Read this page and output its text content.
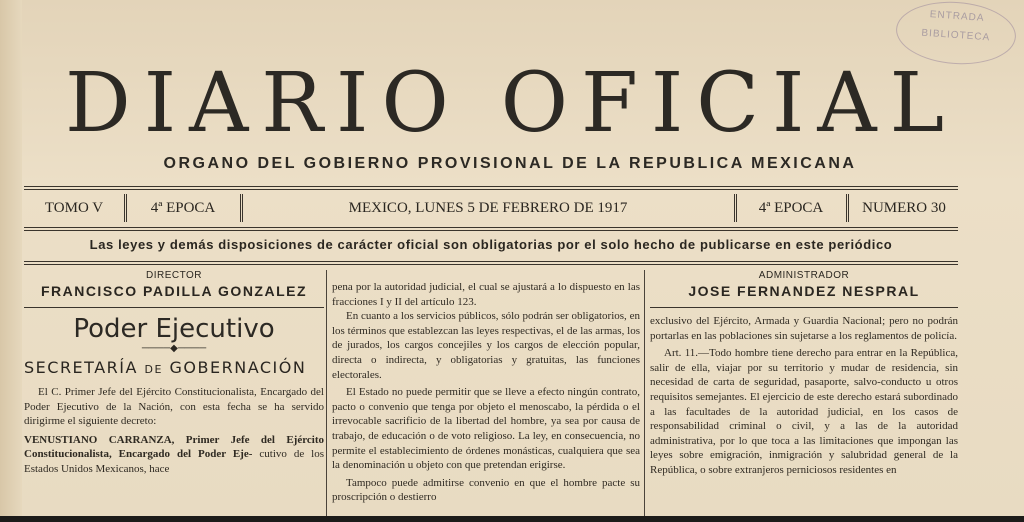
ENTRADA
BIBLIOTECA
DIARIO OFICIAL
ORGANO DEL GOBIERNO PROVISIONAL DE LA REPUBLICA MEXICANA
TOMO V	4ª EPOCA	MEXICO, LUNES 5 DE FEBRERO DE 1917	4ª EPOCA	NUMERO 30
Las leyes y demás disposiciones de carácter oficial son obligatorias por el solo hecho de publicarse en este periódico
DIRECTOR
FRANCISCO PADILLA GONZALEZ
Poder Ejecutivo
────◆────
SECRETARÍA DE GOBERNACIÓN

El C. Primer Jefe del Ejército Constitucionalista, Encargado del Poder Ejecutivo de la Nación, con esta fecha se ha servido dirigirme el siguiente decreto:

VENUSTIANO CARRANZA, Primer Jefe del Ejército Constitucionalista, Encargado del Poder Eje- cutivo de los Estados Unidos Mexicanos, hace

pena por la autoridad judicial, el cual se ajustará a lo dispuesto en las fracciones I y II del artículo 123.

En cuanto a los servicios públicos, sólo podrán ser obligatorios, en los términos que establezcan las leyes respectivas, el de las armas, los de jurados, los cargos concejiles y los cargos de elección popular, directa o indirecta, y obligatorias y gratuitas, las funciones electorales.

El Estado no puede permitir que se lleve a efecto ningún contrato, pacto o convenio que tenga por objeto el menoscabo, la pérdida o el irrevocable sacrificio de la libertad del hombre, ya sea por causa de trabajo, de educación o de voto religioso. La ley, en consecuencia, no permite el establecimiento de órdenes monásticas, cualquiera que sea la denominación u objeto con que pretendan erigirse.

Tampoco puede admitirse convenio en que el hombre pacte su proscripción o destierro

ADMINISTRADOR
JOSE FERNANDEZ NESPRAL

exclusivo del Ejército, Armada y Guardia Nacional; pero no podrán portarlas en las poblaciones sin sujetarse a los reglamentos de policía.

Art. 11.—Todo hombre tiene derecho para entrar en la República, salir de ella, viajar por su territorio y mudar de residencia, sin necesidad de carta de seguridad, pasaporte, salvo-conducto u otros requisitos semejantes. El ejercicio de este derecho estará subordinado a las facultades de la autoridad judicial, en los casos de responsabilidad criminal o civil, y a las de la autoridad administrativa, por lo que toca a las limitaciones que impongan las leyes sobre emigración, inmigración y salubridad general de la República, o sobre extranjeros perniciosos residentes en
